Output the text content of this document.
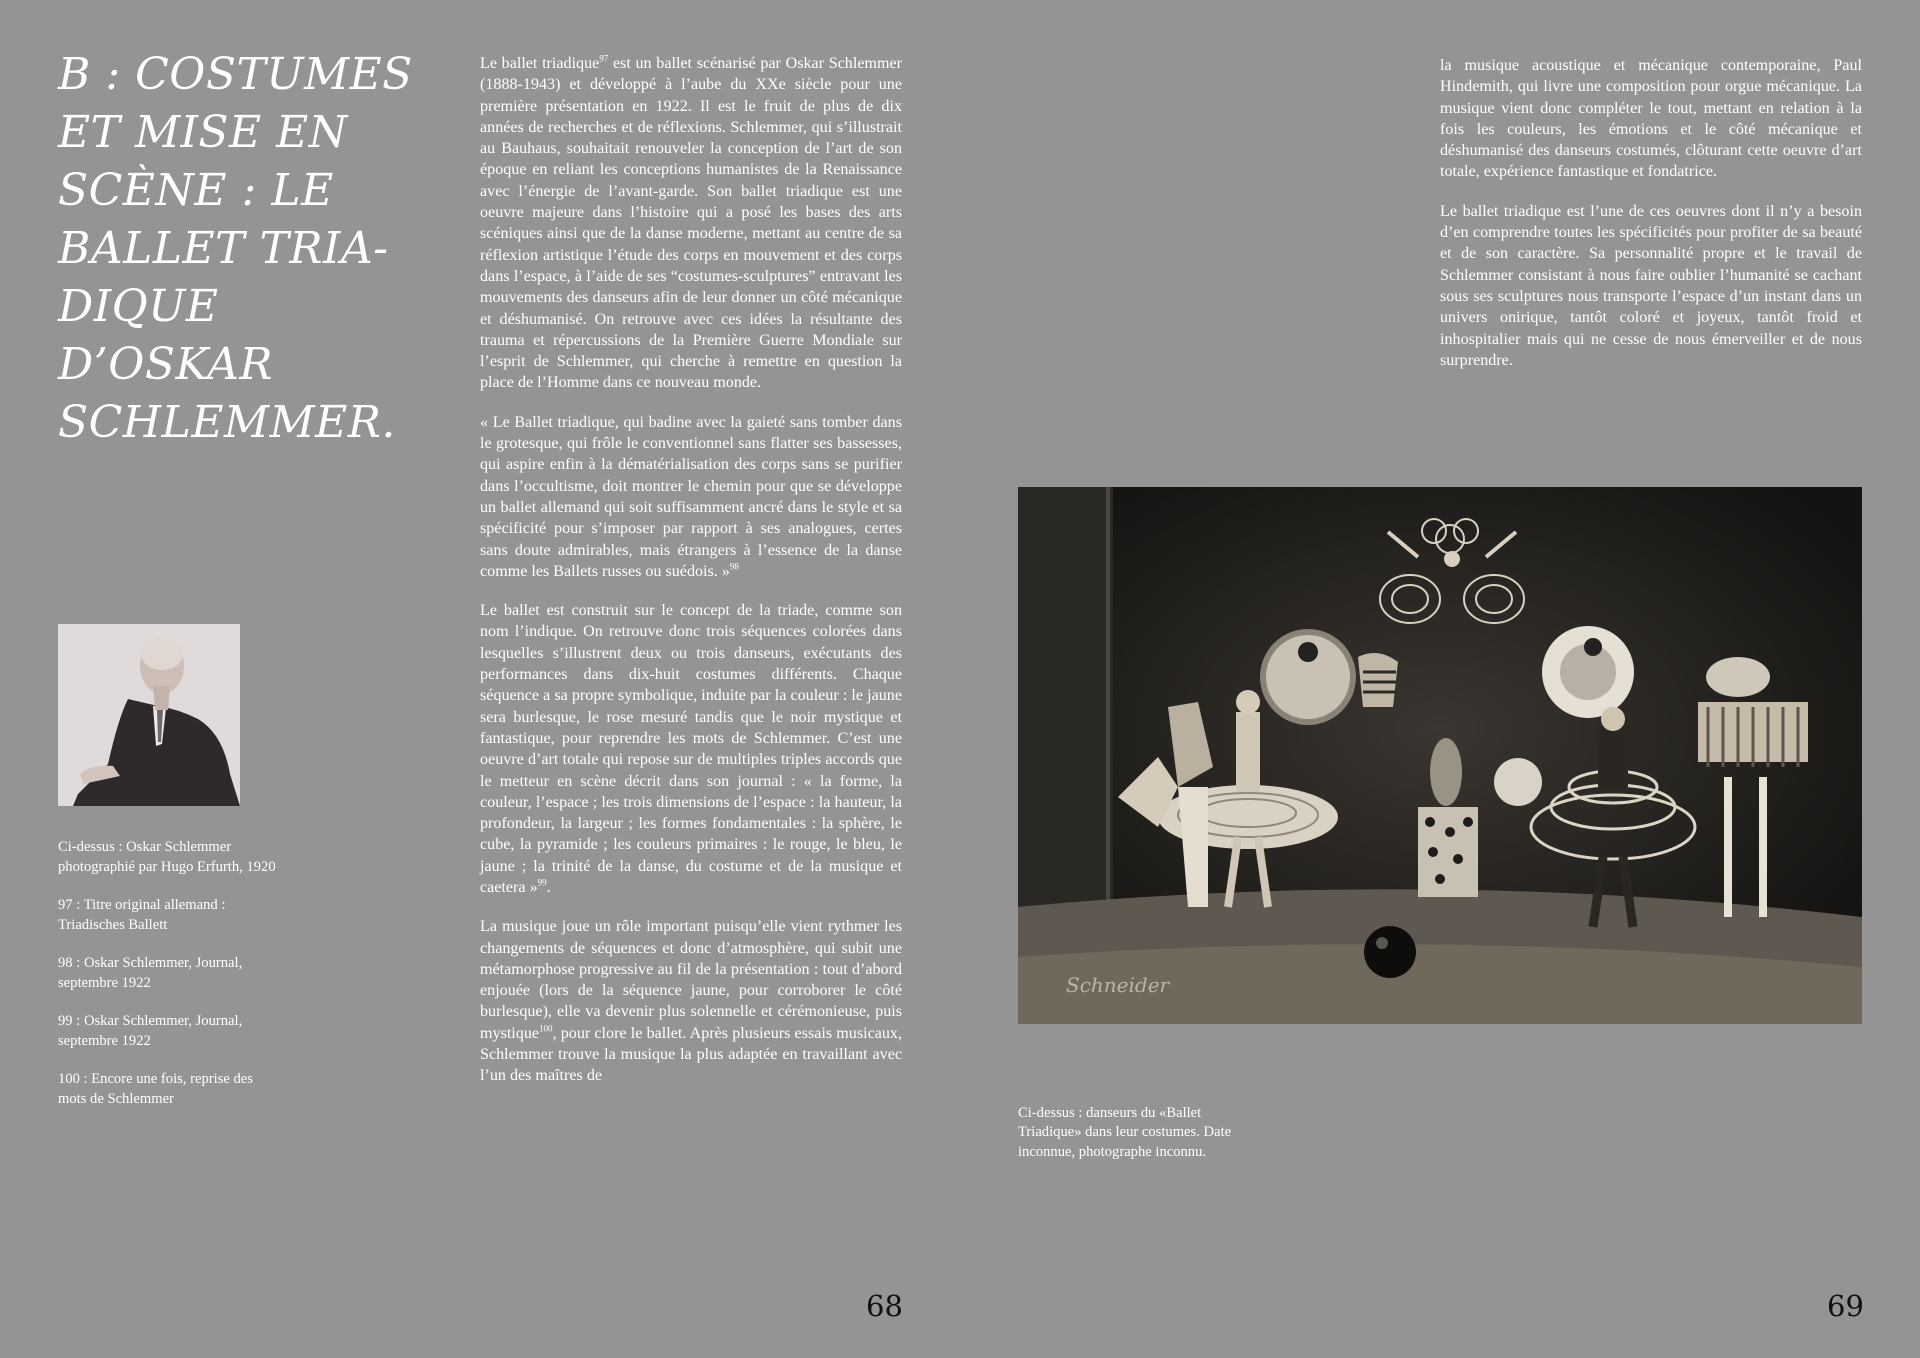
B : COSTUMES
ET MISE EN
SCÈNE : LE
BALLET TRIA-
DIQUE D’OSKAR
SCHLEMMER.

Ci-dessus : Oskar Schlemmer photographié par Hugo Erfurth, 1920

97 : Titre original allemand : Triadisches Ballett

98 : Oskar Schlemmer, Journal, septembre 1922

99 : Oskar Schlemmer, Journal, septembre 1922

100 : Encore une fois, reprise des mots de Schlemmer

Le ballet triadique$^{97}$ est un ballet scénarisé par Oskar Schlemmer (1888-1943) et développé à l’aube du XXe siècle pour une première présentation en 1922. Il est le fruit de plus de dix années de recherches et de réflexions. Schlemmer, qui s’illustrait au Bauhaus, souhaitait renouveler la conception de l’art de son époque en reliant les conceptions humanistes de la Renaissance avec l’énergie de l’avant-garde. Son ballet triadique est une oeuvre majeure dans l’histoire qui a posé les bases des arts scéniques ainsi que de la danse moderne, mettant au centre de sa réflexion artistique l’étude des corps en mouvement et des corps dans l’espace, à l’aide de ses “costumes-sculptures” entravant les mouvements des danseurs afin de leur donner un côté mécanique et déshumanisé. On retrouve avec ces idées la résultante des trauma et répercussions de la Première Guerre Mondiale sur l’esprit de Schlemmer, qui cherche à remettre en question la place de l’Homme dans ce nouveau monde.

« Le Ballet triadique, qui badine avec la gaieté sans tomber dans le grotesque, qui frôle le conventionnel sans flatter ses bassesses, qui aspire enfin à la dématérialisation des corps sans se purifier dans l’occultisme, doit montrer le chemin pour que se développe un ballet allemand qui soit suffisamment ancré dans le style et sa spécificité pour s’imposer par rapport à ses analogues, certes sans doute admirables, mais étrangers à l’essence de la danse comme les Ballets russes ou suédois. »$^{98}$

Le ballet est construit sur le concept de la triade, comme son nom l’indique. On retrouve donc trois séquences colorées dans lesquelles s’illustrent deux ou trois danseurs, exécutants des performances dans dix-huit costumes différents. Chaque séquence a sa propre symbolique, induite par la couleur : le jaune sera burlesque, le rose mesuré tandis que le noir mystique et fantastique, pour reprendre les mots de Schlemmer. C’est une oeuvre d’art totale qui repose sur de multiples triples accords que le metteur en scène décrit dans son journal : « la forme, la couleur, l’espace ; les trois dimensions de l’espace : la hauteur, la profondeur, la largeur ; les formes fondamentales : la sphère, le cube, la pyramide ; les couleurs primaires : le rouge, le bleu, le jaune ; la trinité de la danse, du costume et de la musique et caetera »$^{99}$.

La musique joue un rôle important puisqu’elle vient rythmer les changements de séquences et donc d’atmosphère, qui subit une métamorphose progressive au fil de la présentation : tout d’abord enjouée (lors de la séquence jaune, pour corroborer le côté burlesque), elle va devenir plus solennelle et cérémonieuse, puis mystique$^{100}$, pour clore le ballet. Après plusieurs essais musicaux, Schlemmer trouve la musique la plus adaptée en travaillant avec l’un des maîtres de

68

la musique acoustique et mécanique contemporaine, Paul Hindemith, qui livre une composition pour orgue mécanique. La musique vient donc compléter le tout, mettant en relation à la fois les couleurs, les émotions et le côté mécanique et déshumanisé des danseurs costumés, clôturant cette oeuvre d’art totale, expérience fantastique et fondatrice.

Le ballet triadique est l’une de ces oeuvres dont il n’y a besoin d’en comprendre toutes les spécificités pour profiter de sa beauté et de son caractère. Sa personnalité propre et le travail de Schlemmer consistant à nous faire oublier l’humanité se cachant sous ses sculptures nous transporte l’espace d’un instant dans un univers onirique, tantôt coloré et joyeux, tantôt froid et inhospitalier mais qui ne cesse de nous émerveiller et de nous surprendre.

Schneider

Ci-dessus : danseurs du «Ballet Triadique» dans leur costumes. Date inconnue, photographe inconnu.

69
